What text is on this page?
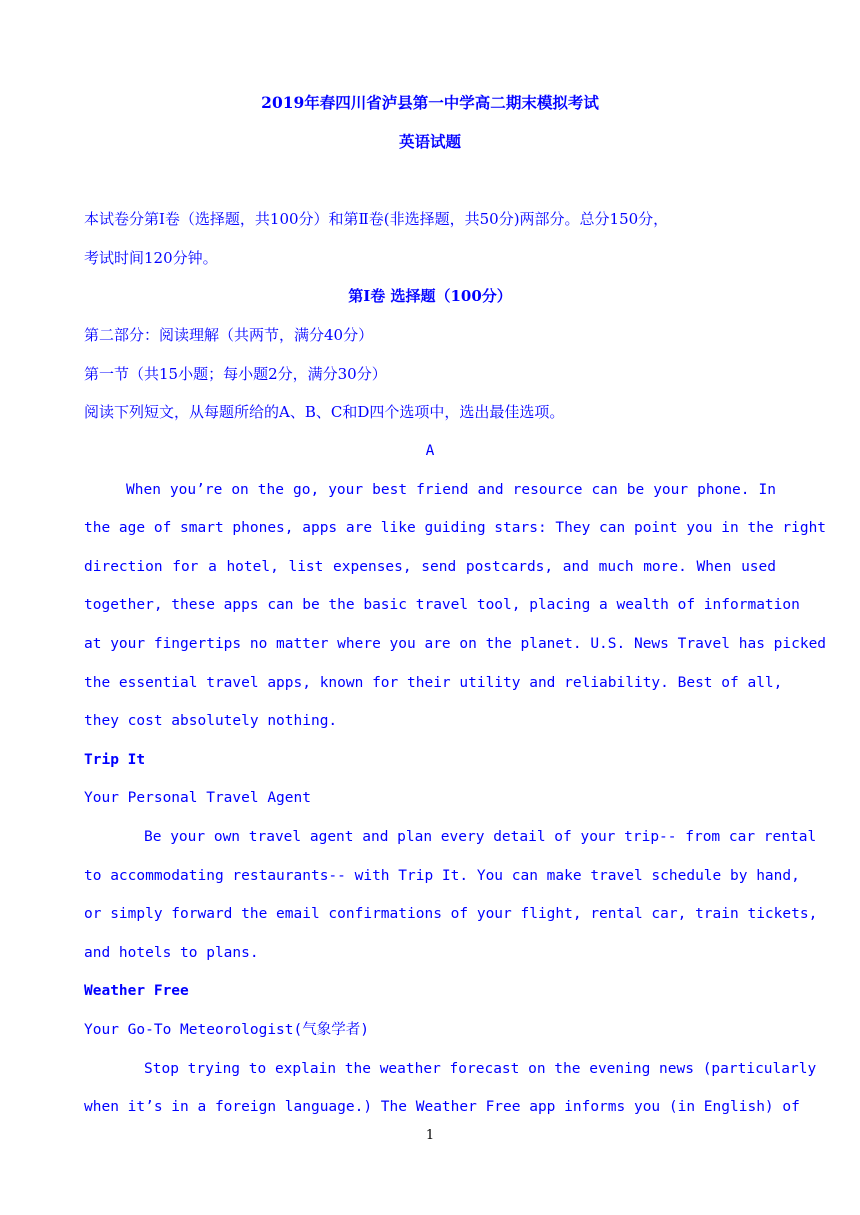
2019年春四川省泸县第一中学高二期末模拟考试
英语试题
本试卷分第Ⅰ卷（选择题，共100分）和第Ⅱ卷(非选择题，共50分)两部分。总分150分，
考试时间120分钟。
第Ⅰ卷 选择题（100分）
第二部分：阅读理解（共两节，满分40分）
第一节（共15小题；每小题2分，满分30分）
阅读下列短文，从每题所给的A、B、C和D四个选项中，选出最佳选项。
A
When you’re on the go, your best friend and resource can be your phone. In
the age of smart phones, apps are like guiding stars: They can point you in the right
direction for a hotel, list expenses, send postcards, and much more. When used
together, these apps can be the basic travel tool, placing a wealth of information
at your fingertips no matter where you are on the planet. U.S. News Travel has picked
the essential travel apps, known for their utility and reliability. Best of all,
they cost absolutely nothing.
Trip It
Your Personal Travel Agent
Be your own travel agent and plan every detail of your trip-- from car rental
to accommodating restaurants-- with Trip It. You can make travel schedule by hand,
or simply forward the email confirmations of your flight, rental car, train tickets,
and hotels to plans.
Weather Free
Your Go-To Meteorologist(气象学者)
Stop trying to explain the weather forecast on the evening news (particularly
when it’s in a foreign language.) The Weather Free app informs you (in English) of
1
